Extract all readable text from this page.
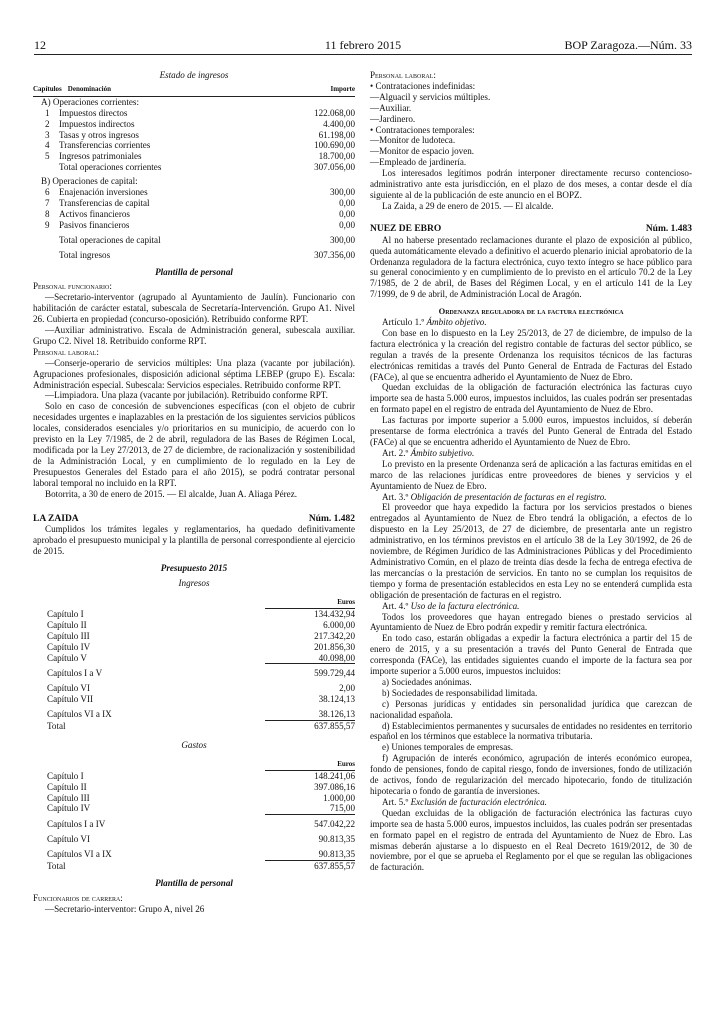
12	11 febrero 2015	BOP Zaragoza.—Núm. 33

Estado de ingresos

Capítulos Denominación	Importe

A) Operaciones corrientes:

1	Impuestos directos	122.068,00
2	Impuestos indirectos	4.400,00
3	Tasas y otros ingresos	61.198,00
4	Transferencias corrientes	100.690,00
5	Ingresos patrimoniales	18.700,00
Total operaciones corrientes	307.056,00

B) Operaciones de capital:

6	Enajenación inversiones	300,00
7	Transferencias de capital	0,00
8	Activos financieros	0,00
9	Pasivos financieros	0,00
Total operaciones de capital	300,00
Total ingresos	307.356,00

Plantilla de personal

Personal funcionario:

—Secretario-interventor (agrupado al Ayuntamiento de Jaulín). Funcionario con habilitación de carácter estatal, subescala de Secretaría-Intervención. Grupo A1. Nivel 26. Cubierta en propiedad (concurso-oposición). Retribuido conforme RPT.

—Auxiliar administrativo. Escala de Administración general, subescala auxiliar. Grupo C2. Nivel 18. Retribuido conforme RPT.

Personal laboral:

—Conserje-operario de servicios múltiples: Una plaza (vacante por jubilación). Agrupaciones profesionales, disposición adicional séptima LEBEP (grupo E). Escala: Administración especial. Subescala: Servicios especiales. Retribuido conforme RPT.

—Limpiadora. Una plaza (vacante por jubilación). Retribuido conforme RPT.

Solo en caso de concesión de subvenciones específicas (con el objeto de cubrir necesidades urgentes e inaplazables en la prestación de los siguientes servicios públicos locales, considerados esenciales y/o prioritarios en su municipio, de acuerdo con lo previsto en la Ley 7/1985, de 2 de abril, reguladora de las Bases de Régimen Local, modificada por la Ley 27/2013, de 27 de diciembre, de racionalización y sostenibilidad de la Administración Local, y en cumplimiento de lo regulado en la Ley de Presupuestos Generales del Estado para el año 2015), se podrá contratar personal laboral temporal no incluido en la RPT.

Botorrita, a 30 de enero de 2015. — El alcalde, Juan A. Aliaga Pérez.

LA ZAIDA	Núm. 1.482

Cumplidos los trámites legales y reglamentarios, ha quedado definitivamente aprobado el presupuesto municipal y la plantilla de personal correspondiente al ejercicio de 2015.

Presupuesto 2015

Ingresos

Euros
Capítulo I	134.432,94
Capítulo II	6.000,00
Capítulo III	217.342,20
Capítulo IV	201.856,30
Capítulo V	40.098,00
Capítulos I a V	599.729,44
Capítulo VI	2,00
Capítulo VII	38.124,13
Capítulos VI a IX	38.126,13
Total	637.855,57

Gastos

Euros
Capítulo I	148.241,06
Capítulo II	397.086,16
Capítulo III	1.000,00
Capítulo IV	715,00
Capítulos I a IV	547.042,22
Capítulo VI	90.813,35
Capítulos VI a IX	90.813,35
Total	637.855,57

Plantilla de personal

Funcionarios de carrera:

—Secretario-interventor: Grupo A, nivel 26

Personal laboral:

• Contrataciones indefinidas:

—Alguacil y servicios múltiples.

—Auxiliar.

—Jardinero.

• Contrataciones temporales:

—Monitor de ludoteca.

—Monitor de espacio joven.

—Empleado de jardinería.

Los interesados legítimos podrán interponer directamente recurso contencioso-administrativo ante esta jurisdicción, en el plazo de dos meses, a contar desde el día siguiente al de la publicación de este anuncio en el BOPZ.

La Zaida, a 29 de enero de 2015. — El alcalde.

NUEZ DE EBRO	Núm. 1.483

Al no haberse presentado reclamaciones durante el plazo de exposición al público, queda automáticamente elevado a definitivo el acuerdo plenario inicial aprobatorio de la Ordenanza reguladora de la factura electrónica, cuyo texto íntegro se hace público para su general conocimiento y en cumplimiento de lo previsto en el artículo 70.2 de la Ley 7/1985, de 2 de abril, de Bases del Régimen Local, y en el artículo 141 de la Ley 7/1999, de 9 de abril, de Administración Local de Aragón.

Ordenanza reguladora de la factura electrónica

Artículo 1.º Ámbito objetivo.

Con base en lo dispuesto en la Ley 25/2013, de 27 de diciembre, de impulso de la factura electrónica y la creación del registro contable de facturas del sector público, se regulan a través de la presente Ordenanza los requisitos técnicos de las facturas electrónicas remitidas a través del Punto General de Entrada de Facturas del Estado (FACe), al que se encuentra adherido el Ayuntamiento de Nuez de Ebro.

Quedan excluidas de la obligación de facturación electrónica las facturas cuyo importe sea de hasta 5.000 euros, impuestos incluidos, las cuales podrán ser presentadas en formato papel en el registro de entrada del Ayuntamiento de Nuez de Ebro.

Las facturas por importe superior a 5.000 euros, impuestos incluidos, sí deberán presentarse de forma electrónica a través del Punto General de Entrada del Estado (FACe) al que se encuentra adherido el Ayuntamiento de Nuez de Ebro.

Art. 2.º Ámbito subjetivo.

Lo previsto en la presente Ordenanza será de aplicación a las facturas emitidas en el marco de las relaciones jurídicas entre proveedores de bienes y servicios y el Ayuntamiento de Nuez de Ebro.

Art. 3.º Obligación de presentación de facturas en el registro.

El proveedor que haya expedido la factura por los servicios prestados o bienes entregados al Ayuntamiento de Nuez de Ebro tendrá la obligación, a efectos de lo dispuesto en la Ley 25/2013, de 27 de diciembre, de presentarla ante un registro administrativo, en los términos previstos en el artículo 38 de la Ley 30/1992, de 26 de noviembre, de Régimen Jurídico de las Administraciones Públicas y del Procedimiento Administrativo Común, en el plazo de treinta días desde la fecha de entrega efectiva de las mercancías o la prestación de servicios. En tanto no se cumplan los requisitos de tiempo y forma de presentación establecidos en esta Ley no se entenderá cumplida esta obligación de presentación de facturas en el registro.

Art. 4.º Uso de la factura electrónica.

Todos los proveedores que hayan entregado bienes o prestado servicios al Ayuntamiento de Nuez de Ebro podrán expedir y remitir factura electrónica.

En todo caso, estarán obligadas a expedir la factura electrónica a partir del 15 de enero de 2015, y a su presentación a través del Punto General de Entrada que corresponda (FACe), las entidades siguientes cuando el importe de la factura sea por importe superior a 5.000 euros, impuestos incluidos:

a) Sociedades anónimas.

b) Sociedades de responsabilidad limitada.

c) Personas jurídicas y entidades sin personalidad jurídica que carezcan de nacionalidad española.

d) Establecimientos permanentes y sucursales de entidades no residentes en territorio español en los términos que establece la normativa tributaria.

e) Uniones temporales de empresas.

f) Agrupación de interés económico, agrupación de interés económico europea, fondo de pensiones, fondo de capital riesgo, fondo de inversiones, fondo de utilización de activos, fondo de regularización del mercado hipotecario, fondo de titulización hipotecaria o fondo de garantía de inversiones.

Art. 5.º Exclusión de facturación electrónica.

Quedan excluidas de la obligación de facturación electrónica las facturas cuyo importe sea de hasta 5.000 euros, impuestos incluidos, las cuales podrán ser presentadas en formato papel en el registro de entrada del Ayuntamiento de Nuez de Ebro. Las mismas deberán ajustarse a lo dispuesto en el Real Decreto 1619/2012, de 30 de noviembre, por el que se aprueba el Reglamento por el que se regulan las obligaciones de facturación.
